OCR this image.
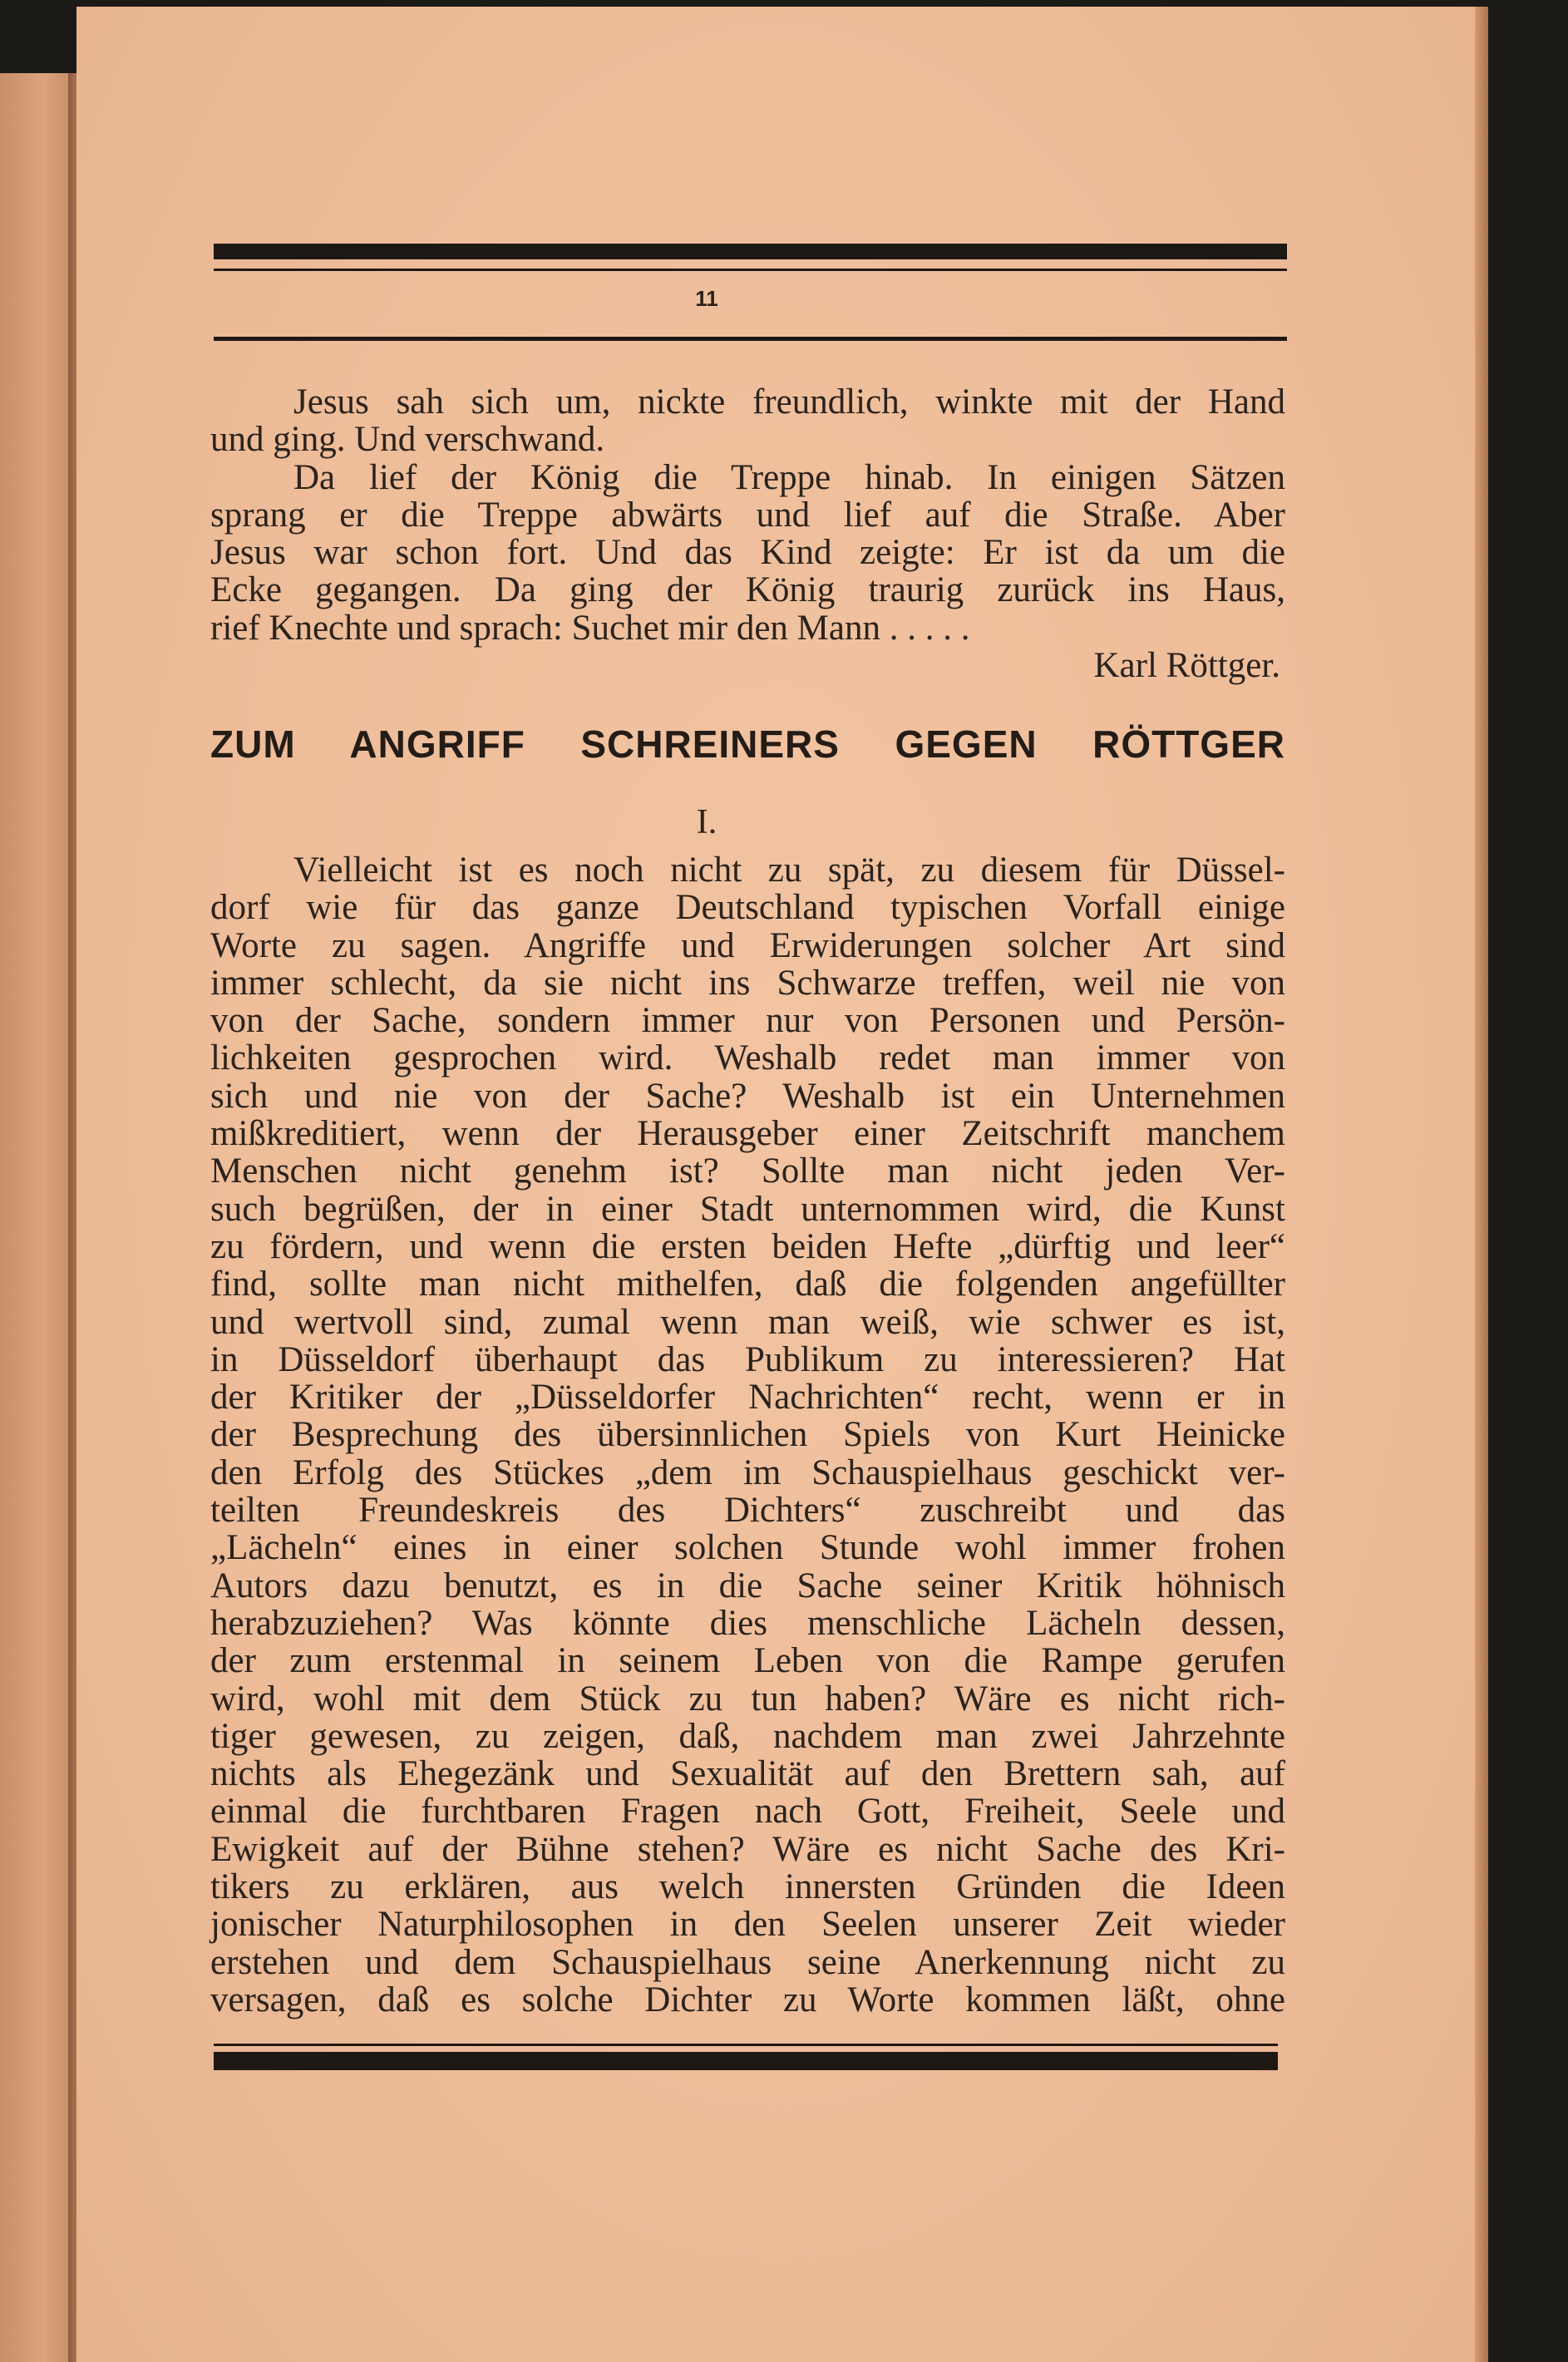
11
Jesus sah sich um, nickte freundlich, winkte mit der Hand
und ging. Und verschwand.
Da lief der König die Treppe hinab. In einigen Sätzen
sprang er die Treppe abwärts und lief auf die Straße. Aber
Jesus war schon fort. Und das Kind zeigte: Er ist da um die
Ecke gegangen. Da ging der König traurig zurück ins Haus,
rief Knechte und sprach: Suchet mir den Mann . . . . .
Karl Röttger.
ZUM ANGRIFF SCHREINERS GEGEN RÖTTGER
I.
Vielleicht ist es noch nicht zu spät, zu diesem für Düssel-
dorf wie für das ganze Deutschland typischen Vorfall einige
Worte zu sagen. Angriffe und Erwiderungen solcher Art sind
immer schlecht, da sie nicht ins Schwarze treffen, weil nie von
von der Sache, sondern immer nur von Personen und Persön-
lichkeiten gesprochen wird. Weshalb redet man immer von
sich und nie von der Sache? Weshalb ist ein Unternehmen
mißkreditiert, wenn der Herausgeber einer Zeitschrift manchem
Menschen nicht genehm ist? Sollte man nicht jeden Ver-
such begrüßen, der in einer Stadt unternommen wird, die Kunst
zu fördern, und wenn die ersten beiden Hefte „dürftig und leer“
find, sollte man nicht mithelfen, daß die folgenden angefüllter
und wertvoll sind, zumal wenn man weiß, wie schwer es ist,
in Düsseldorf überhaupt das Publikum zu interessieren? Hat
der Kritiker der „Düsseldorfer Nachrichten“ recht, wenn er in
der Besprechung des übersinnlichen Spiels von Kurt Heinicke
den Erfolg des Stückes „dem im Schauspielhaus geschickt ver-
teilten Freundeskreis des Dichters“ zuschreibt und das
„Lächeln“ eines in einer solchen Stunde wohl immer frohen
Autors dazu benutzt, es in die Sache seiner Kritik höhnisch
herabzuziehen? Was könnte dies menschliche Lächeln dessen,
der zum erstenmal in seinem Leben von die Rampe gerufen
wird, wohl mit dem Stück zu tun haben? Wäre es nicht rich-
tiger gewesen, zu zeigen, daß, nachdem man zwei Jahrzehnte
nichts als Ehegezänk und Sexualität auf den Brettern sah, auf
einmal die furchtbaren Fragen nach Gott, Freiheit, Seele und
Ewigkeit auf der Bühne stehen? Wäre es nicht Sache des Kri-
tikers zu erklären, aus welch innersten Gründen die Ideen
jonischer Naturphilosophen in den Seelen unserer Zeit wieder
erstehen und dem Schauspielhaus seine Anerkennung nicht zu
versagen, daß es solche Dichter zu Worte kommen läßt, ohne
